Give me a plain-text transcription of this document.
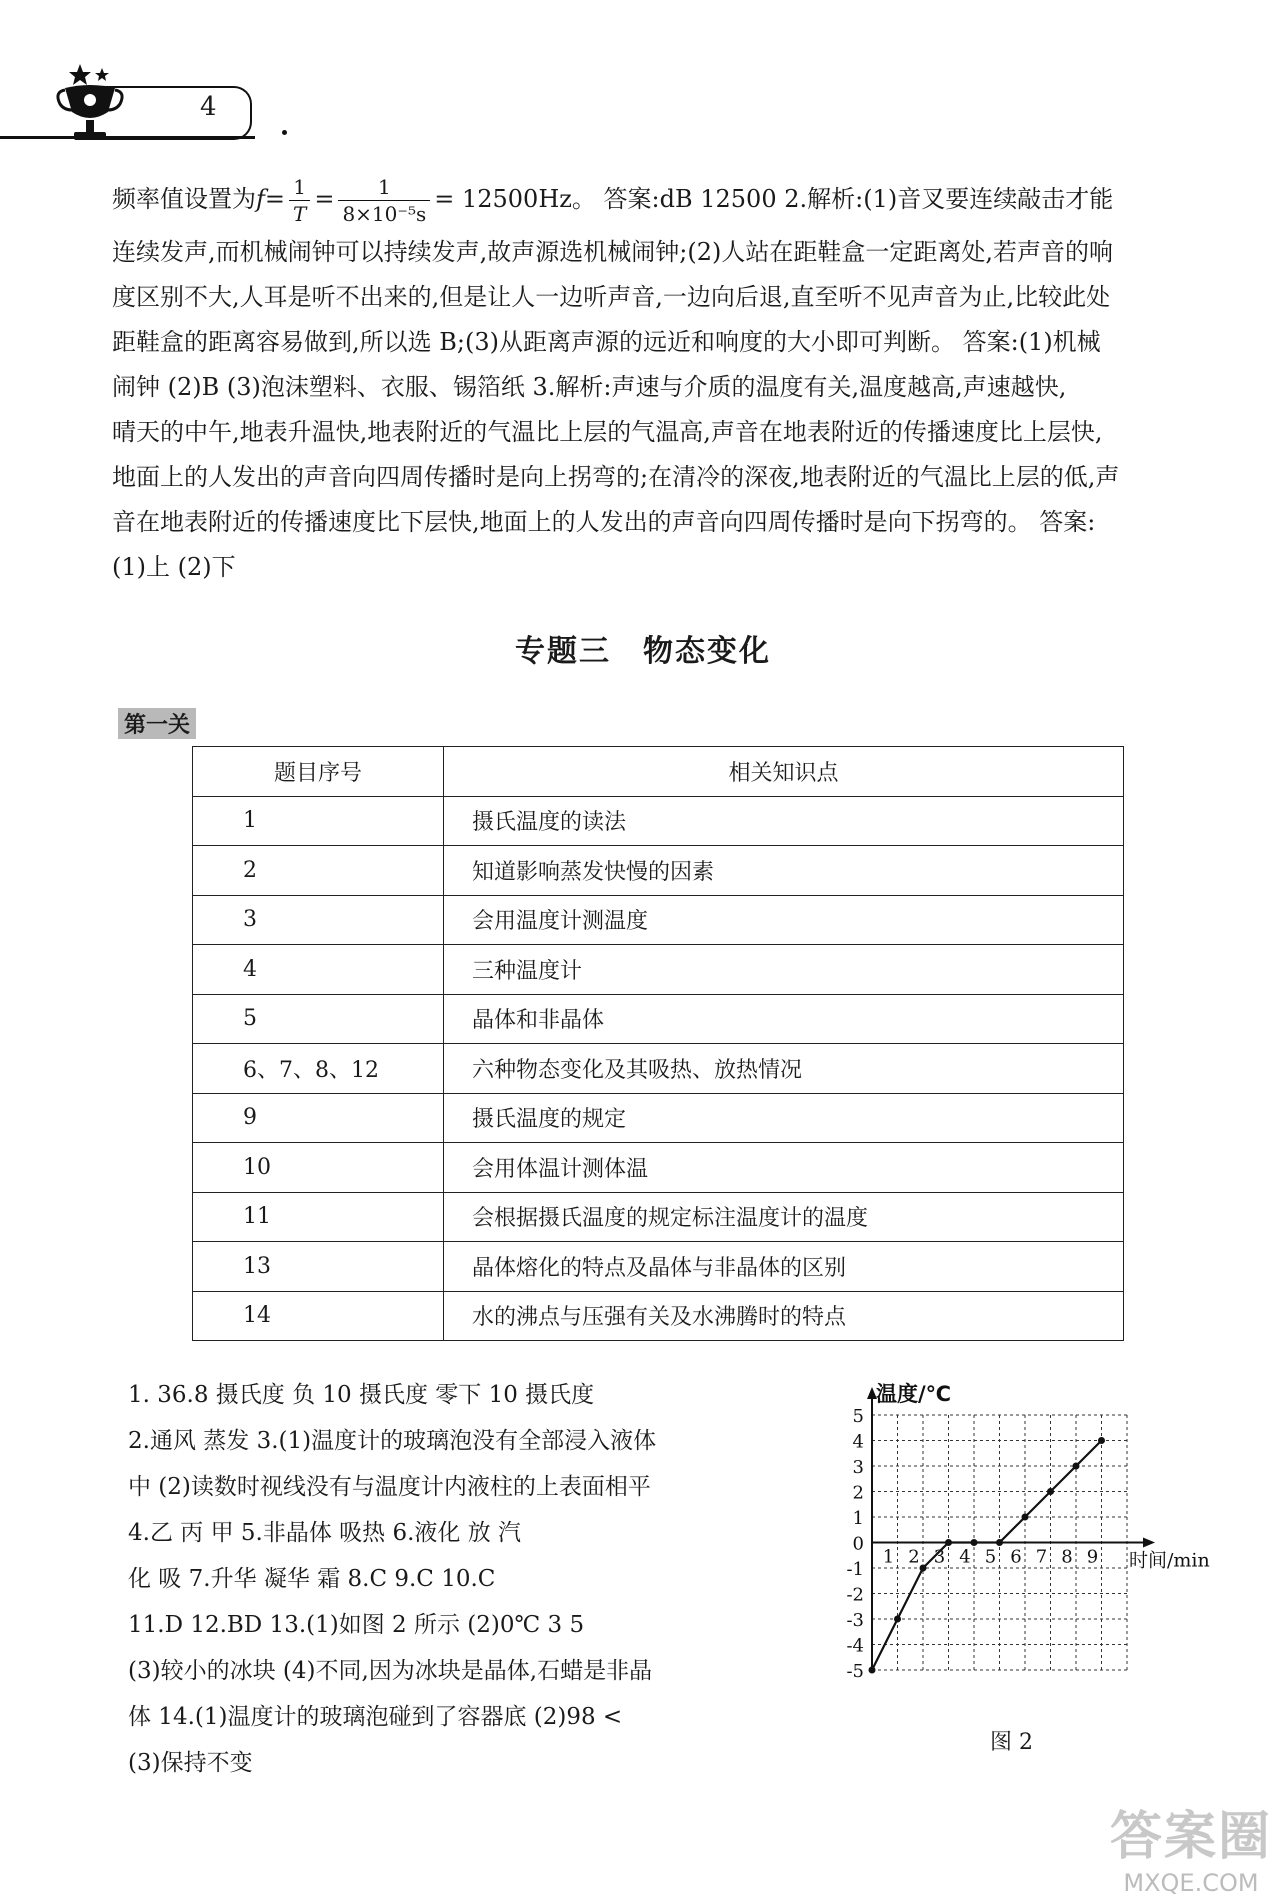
4
频率值设置为$f= \frac{1}{T} = \frac{1}{\text{8×10⁻⁵s}} = 12500Hz$。 答案:dB 12500 2.解析:(1)音叉要连续敲击才能
连续发声,而机械闹钟可以持续发声,故声源选机械闹钟;(2)人站在距鞋盒一定距离处,若声音的响
度区别不大,人耳是听不出来的,但是让人一边听声音,一边向后退,直至听不见声音为止,比较此处
距鞋盒的距离容易做到,所以选 B;(3)从距离声源的远近和响度的大小即可判断。 答案:(1)机械
闹钟 (2)B (3)泡沫塑料、衣服、锡箔纸 3.解析:声速与介质的温度有关,温度越高,声速越快,
晴天的中午,地表升温快,地表附近的气温比上层的气温高,声音在地表附近的传播速度比上层快,
地面上的人发出的声音向四周传播时是向上拐弯的;在清冷的深夜,地表附近的气温比上层的低,声
音在地表附近的传播速度比下层快,地面上的人发出的声音向四周传播时是向下拐弯的。 答案:
(1)上 (2)下
专题三　物态变化
第一关
题目序号	相关知识点
1	摄氏温度的读法
2	知道影响蒸发快慢的因素
3	会用温度计测温度
4	三种温度计
5	晶体和非晶体
6、7、8、12	六种物态变化及其吸热、放热情况
9	摄氏温度的规定
10	会用体温计测体温
11	会根据摄氏温度的规定标注温度计的温度
13	晶体熔化的特点及晶体与非晶体的区别
14	水的沸点与压强有关及水沸腾时的特点
1. 36.8 摄氏度 负 10 摄氏度 零下 10 摄氏度
2.通风 蒸发 3.(1)温度计的玻璃泡没有全部浸入液体
中 (2)读数时视线没有与温度计内液柱的上表面相平
4.乙 丙 甲 5.非晶体 吸热 6.液化 放 汽
化 吸 7.升华 凝华 霜 8.C 9.C 10.C
11.D 12.BD 13.(1)如图 2 所示 (2)0℃ 3 5
(3)较小的冰块 (4)不同,因为冰块是晶体,石蜡是非晶
体 14.(1)温度计的玻璃泡碰到了容器底 (2)98 <
(3)保持不变
温度/℃
时间/min
5
4
3
2
1
0
-1
-2
-3
-4
-5
1 2 3 4 5 6 7 8 9
图 2
答案圈
MXQE.COM
